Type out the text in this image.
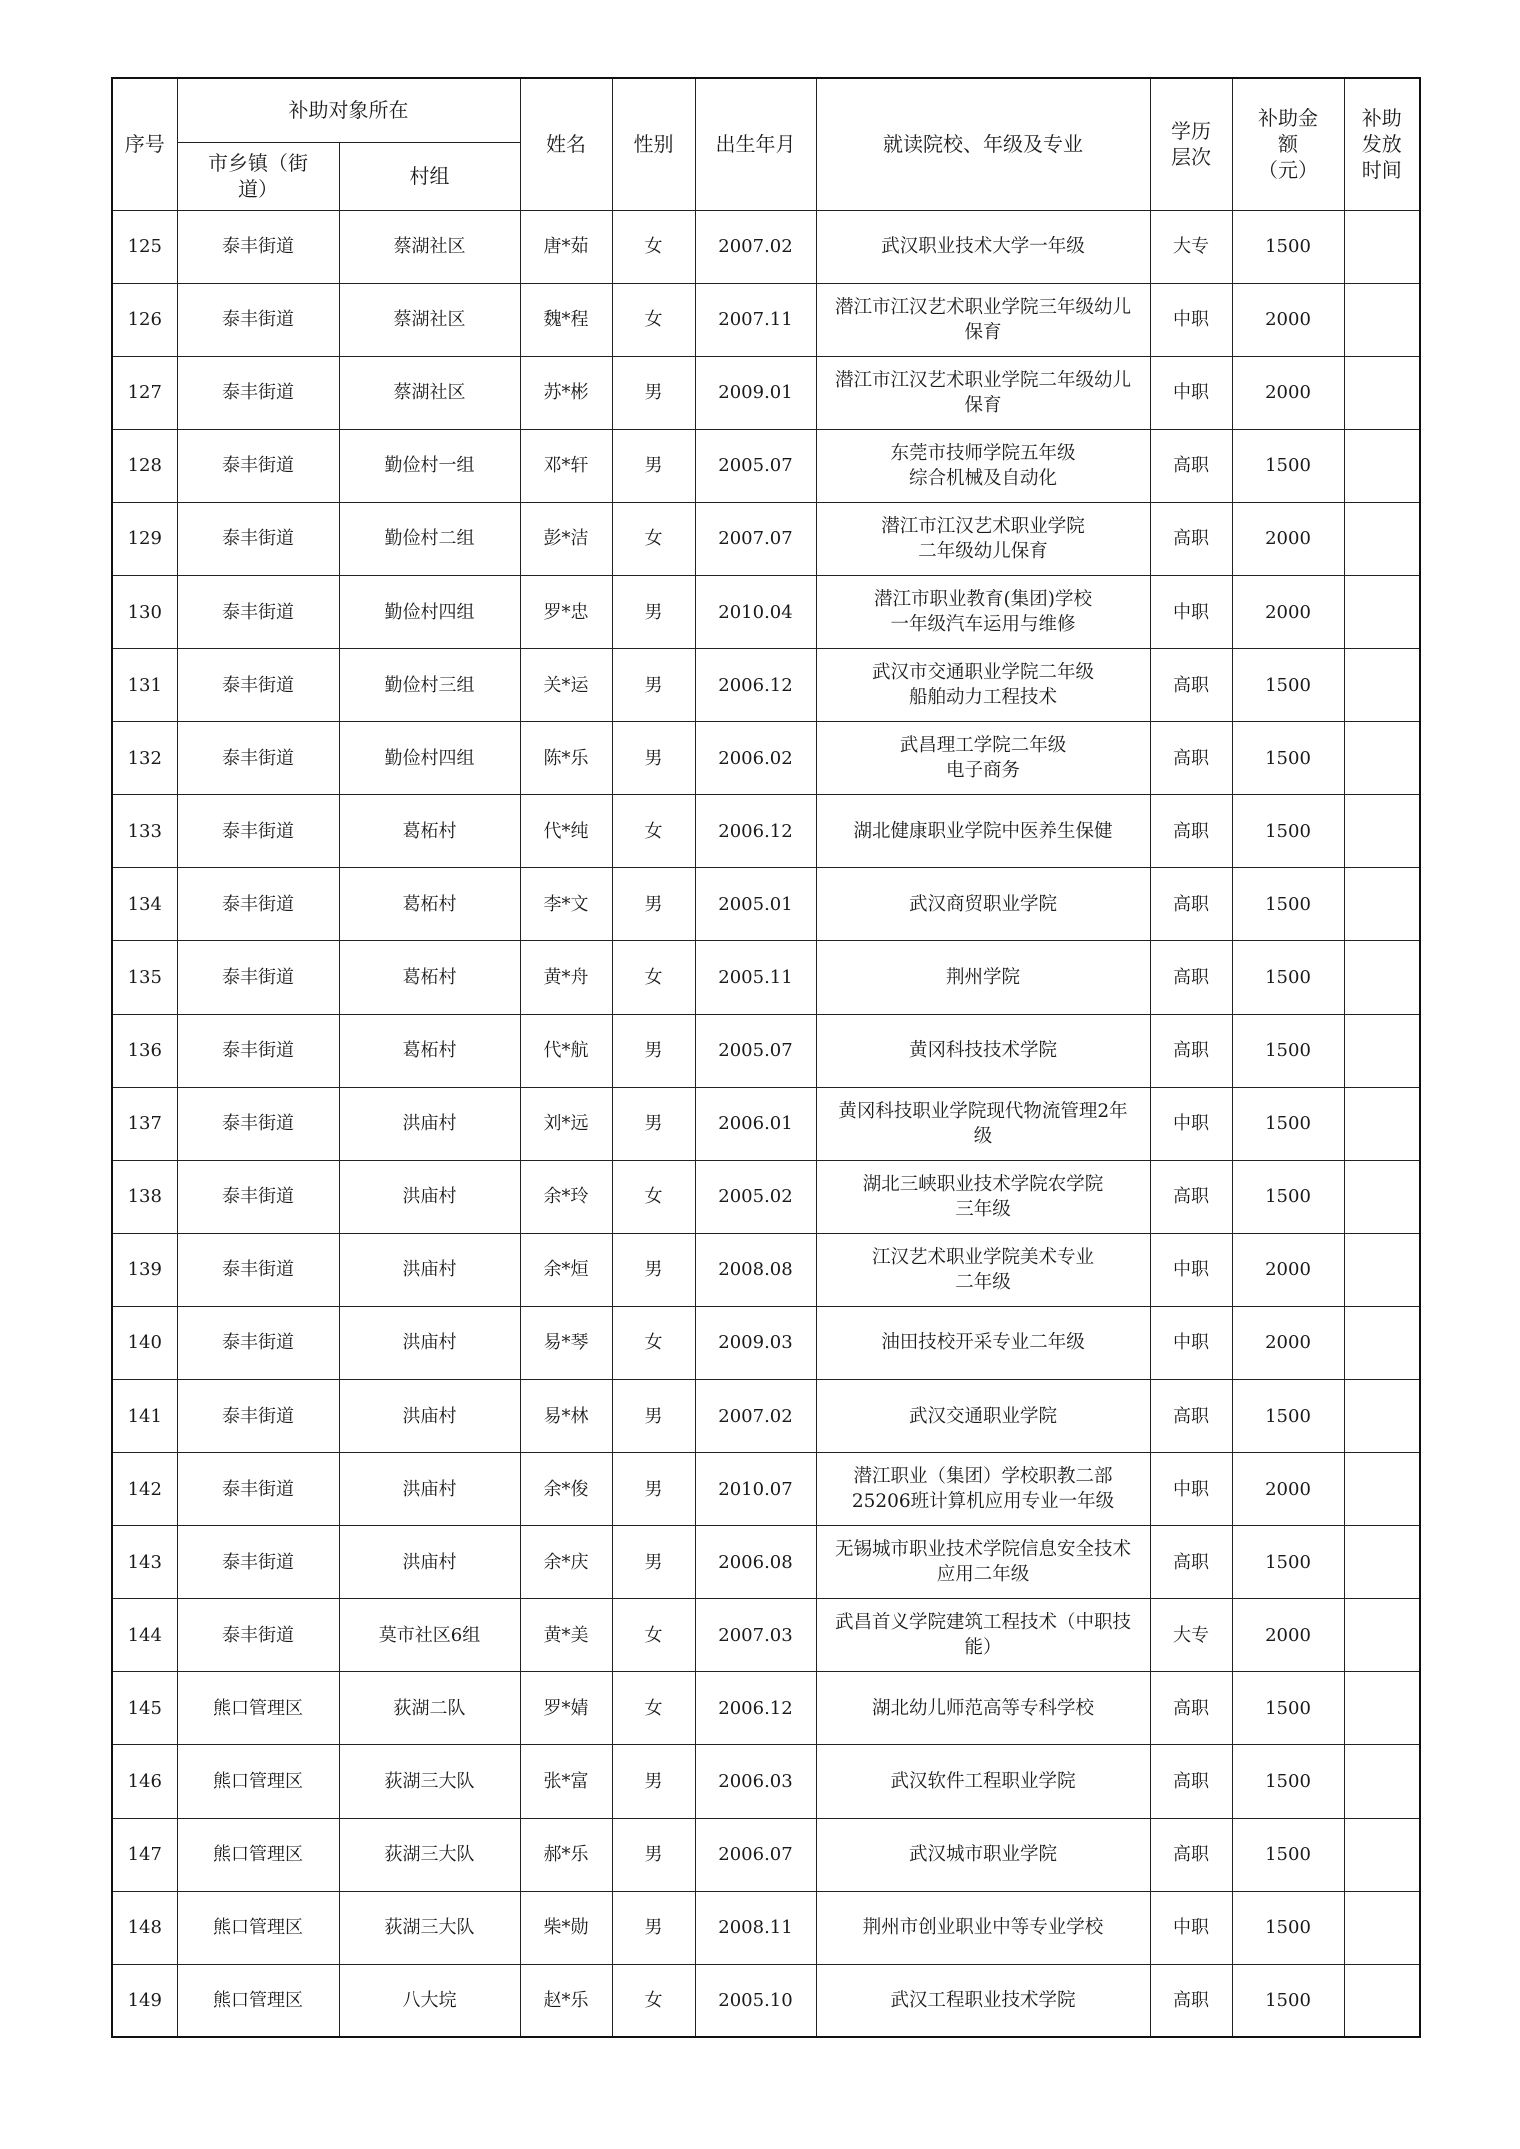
序号	补助对象所在		姓名	性别	出生年月	就读院校、年级及专业	学历层次	补助金额（元）	补助发放时间
	市乡镇（街道）	村组							
125	泰丰街道	蔡湖社区	唐*茹	女	2007.02	武汉职业技术大学一年级	大专	1500	
126	泰丰街道	蔡湖社区	魏*程	女	2007.11	潜江市江汉艺术职业学院三年级幼儿
保育	中职	2000	
127	泰丰街道	蔡湖社区	苏*彬	男	2009.01	潜江市江汉艺术职业学院二年级幼儿
保育	中职	2000	
128	泰丰街道	勤俭村一组	邓*轩	男	2005.07	东莞市技师学院五年级
综合机械及自动化	高职	1500	
129	泰丰街道	勤俭村二组	彭*洁	女	2007.07	潜江市江汉艺术职业学院
二年级幼儿保育	高职	2000	
130	泰丰街道	勤俭村四组	罗*忠	男	2010.04	潜江市职业教育(集团)学校
一年级汽车运用与维修	中职	2000	
131	泰丰街道	勤俭村三组	关*运	男	2006.12	武汉市交通职业学院二年级
船舶动力工程技术	高职	1500	
132	泰丰街道	勤俭村四组	陈*乐	男	2006.02	武昌理工学院二年级
电子商务	高职	1500	
133	泰丰街道	葛柘村	代*纯	女	2006.12	湖北健康职业学院中医养生保健	高职	1500	
134	泰丰街道	葛柘村	李*文	男	2005.01	武汉商贸职业学院	高职	1500	
135	泰丰街道	葛柘村	黄*舟	女	2005.11	荆州学院	高职	1500	
136	泰丰街道	葛柘村	代*航	男	2005.07	黄冈科技技术学院	高职	1500	
137	泰丰街道	洪庙村	刘*远	男	2006.01	黄冈科技职业学院现代物流管理2年
级	中职	1500	
138	泰丰街道	洪庙村	余*玲	女	2005.02	湖北三峡职业技术学院农学院
三年级	高职	1500	
139	泰丰街道	洪庙村	余*烜	男	2008.08	江汉艺术职业学院美术专业
二年级	中职	2000	
140	泰丰街道	洪庙村	易*琴	女	2009.03	油田技校开采专业二年级	中职	2000	
141	泰丰街道	洪庙村	易*林	男	2007.02	武汉交通职业学院	高职	1500	
142	泰丰街道	洪庙村	余*俊	男	2010.07	潜江职业（集团）学校职教二部
25206班计算机应用专业一年级	中职	2000	
143	泰丰街道	洪庙村	余*庆	男	2006.08	无锡城市职业技术学院信息安全技术
应用二年级	高职	1500	
144	泰丰街道	莫市社区6组	黄*美	女	2007.03	武昌首义学院建筑工程技术（中职技
能）	大专	2000	
145	熊口管理区	荻湖二队	罗*婧	女	2006.12	湖北幼儿师范高等专科学校	高职	1500	
146	熊口管理区	荻湖三大队	张*富	男	2006.03	武汉软件工程职业学院	高职	1500	
147	熊口管理区	荻湖三大队	郝*乐	男	2006.07	武汉城市职业学院	高职	1500	
148	熊口管理区	荻湖三大队	柴*勋	男	2008.11	荆州市创业职业中等专业学校	中职	1500	
149	熊口管理区	八大垸	赵*乐	女	2005.10	武汉工程职业技术学院	高职	1500	
